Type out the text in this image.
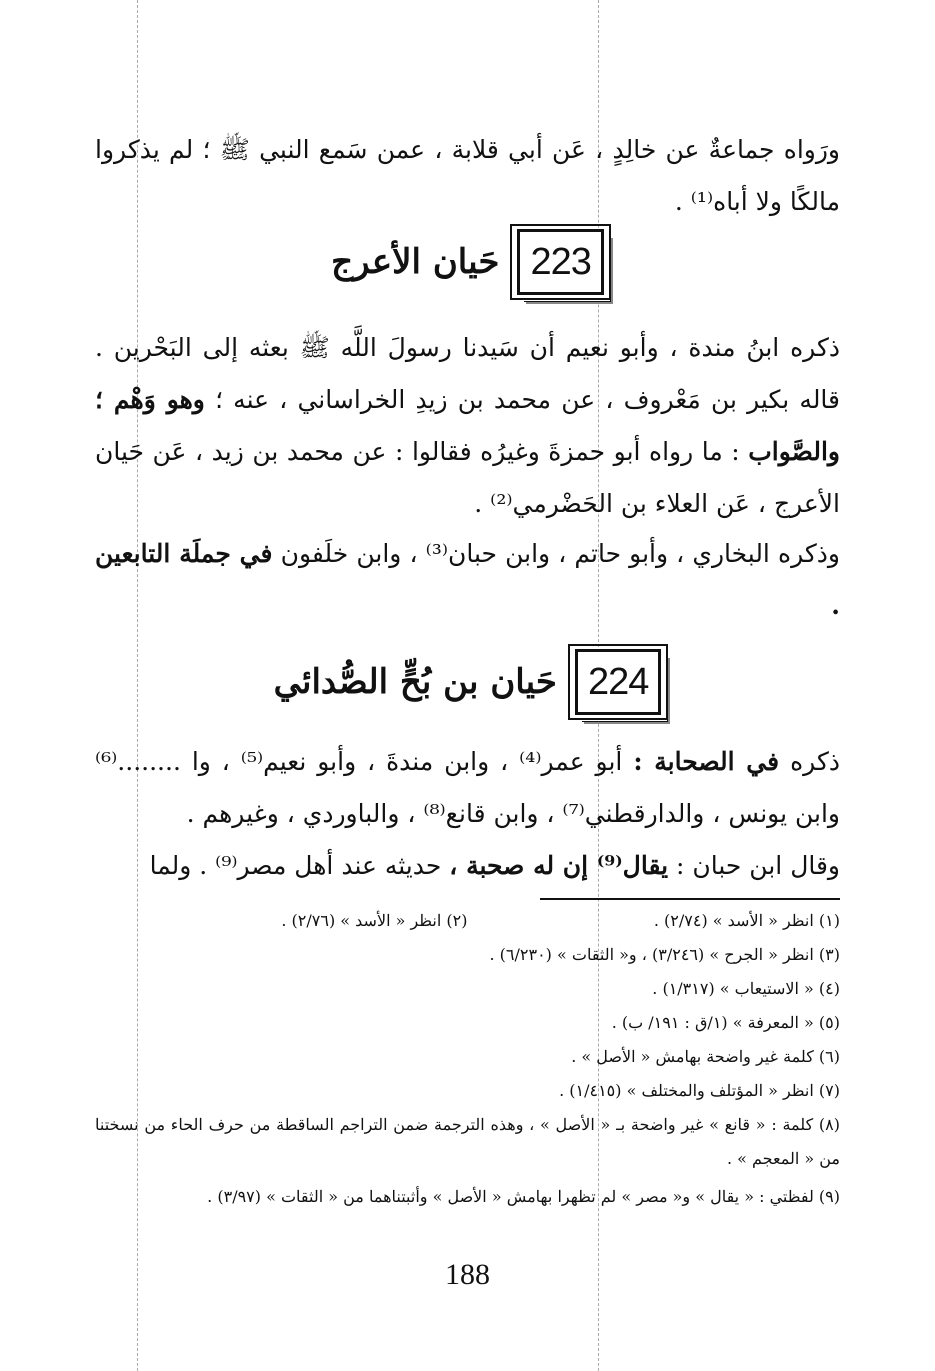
ورَواه جماعةٌ عن خالِدٍ ، عَن أبي قلابة ، عمن سَمع النبي ﷺ ؛ لم يذكروا مالكًا ولا أباه⁽¹⁾ .
223
حَيان الأعرج
ذكره ابنُ مندة ، وأبو نعيم أن سَيدنا رسولَ اللَّه ﷺ بعثه إلى البَحْرين . قاله بكير بن مَعْروف ، عن محمد بن زيدِ الخراساني ، عنه ؛ وهو وَهْم ؛ والصَّواب : ما رواه أبو حمزةَ وغيرُه فقالوا : عن محمد بن زيد ، عَن حَيان الأعرج ، عَن العلاء بن الحَضْرمي⁽²⁾ .
وذكره البخاري ، وأبو حاتم ، وابن حبان⁽³⁾ ، وابن خلَفون في جملَة التابعين .
224
حَيان بن بُحٍّ الصُّدائي
ذكره في الصحابة : أبو عمر⁽⁴⁾ ، وابن مندةَ ، وأبو نعيم⁽⁵⁾ ، وا ........⁽⁶⁾ وابن يونس ، والدارقطني⁽⁷⁾ ، وابن قانع⁽⁸⁾ ، والباوردي ، وغيرهم .
وقال ابن حبان : يقال⁽⁹⁾ إن له صحبة ، حديثه عند أهل مصر⁽⁹⁾ . ولما
(١) انظر « الأسد » (٢/٧٤) .
(٢) انظر « الأسد » (٢/٧٦) .
(٣) انظر « الجرح » (٣/٢٤٦) ، و« الثقات » (٦/٢٣٠) .
(٤) « الاستيعاب » (١/٣١٧) .
(٥) « المعرفة » (١/ق : ١٩١/ ب) .
(٦) كلمة غير واضحة بهامش « الأصل » .
(٧) انظر « المؤتلف والمختلف » (١/٤١٥) .
(٨) كلمة : « قانع » غير واضحة بـ « الأصل » ، وهذه الترجمة ضمن التراجم الساقطة من حرف الحاء من نسختنا من « المعجم » .
(٩) لفظتي : « يقال » و« مصر » لم تظهرا بهامش « الأصل » وأثبتناهما من « الثقات » (٣/٩٧) .
188
